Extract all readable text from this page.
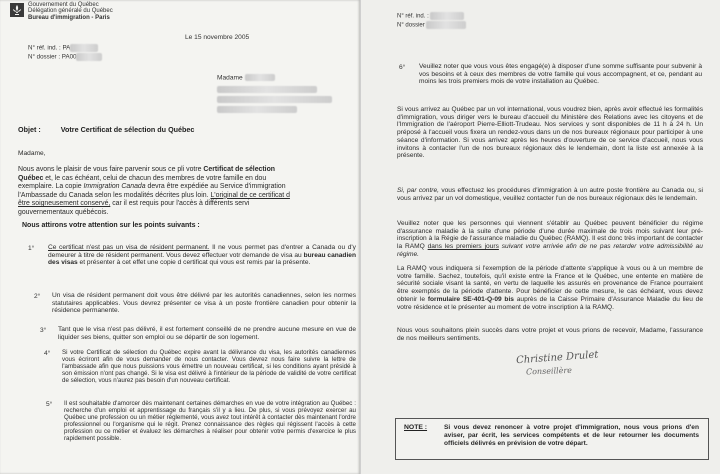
Gouvernement du Québec
Délégation générale du Québec
Bureau d'immigration - Paris
Le 15 novembre 2005
N° réf. ind. : PA
N° dossier : PA00
Madame
Objet :	Votre Certificat de sélection du Québec
Madame,
Nous avons le plaisir de vous faire parvenir sous ce pli votre Certificat de sélection
Québec et, le cas échéant, celui de chacun des membres de votre famille en dou
exemplaire. La copie Immigration Canada devra être expédiée au Service d'immigration
l'Ambassade du Canada selon les modalités décrites plus loin. L'original de ce certificat d
être soigneusement conservé, car il est requis pour l'accès à différents servi
gouvernementaux québécois.
Nous attirons votre attention sur les points suivants :
1° Ce certificat n'est pas un visa de résident permanent. Il ne vous permet pas d'entrer a Canada ou d'y demeurer à titre de résident permanent. Vous devez effectuer votr demande de visa au bureau canadien des visas et présenter à cet effet une copie d certificat qui vous est remis par la présente.
2° Un visa de résident permanent doit vous être délivré par les autorités canadiennes, selon les normes statutaires applicables. Vous devrez présenter ce visa à un poste frontière canadien pour obtenir la résidence permanente.
3° Tant que le visa n'est pas délivré, il est fortement conseillé de ne prendre aucune mesure en vue de liquider ses biens, quitter son emploi ou se départir de son logement.
4° Si votre Certificat de sélection du Québec expire avant la délivrance du visa, les autorités canadiennes vous écriront afin de vous demander de nous contacter. Vous devrez nous faire suivre la lettre de l'ambassade afin que nous puissions vous émettre un nouveau certificat, si les conditions ayant présidé à son émission n'ont pas changé. Si le visa est délivré à l'intérieur de la période de validité de votre certificat de sélection, vous n'aurez pas besoin d'un nouveau certificat.
5° Il est souhaitable d'amorcer dès maintenant certaines démarches en vue de votre intégration au Québec : recherche d'un emploi et apprentissage du français s'il y a lieu. De plus, si vous prévoyez exercer au Québec une profession ou un métier réglementé, vous avez tout intérêt à contacter dès maintenant l'ordre professionnel ou l'organisme qui le régit. Prenez connaissance des règles qui régissent l'accès à cette profession ou ce métier et évaluez les démarches à réaliser pour obtenir votre permis d'exercice le plus rapidement possible.
N° réf. ind. :
N° dossier
6° Veuillez noter que vous vous êtes engagé(e) à disposer d'une somme suffisante pour subvenir à vos besoins et à ceux des membres de votre famille qui vous accompagnent, et ce, pendant au moins les trois premiers mois de votre installation au Québec.
Si vous arrivez au Québec par un vol international, vous voudrez bien, après avoir effectué les formalités d'immigration, vous diriger vers le bureau d'accueil du Ministère des Relations avec les citoyens et de l'Immigration de l'aéroport Pierre-Elliott-Trudeau. Nos services y sont disponibles de 11 h à 24 h. Un préposé à l'accueil vous fixera un rendez-vous dans un de nos bureaux régionaux pour participer à une séance d'information. Si vous arrivez après les heures d'ouverture de ce service d'accueil, nous vous invitons à contacter l'un de nos bureaux régionaux dès le lendemain, dont la liste est annexée à la présente.
Si, par contre, vous effectuez les procédures d'immigration à un autre poste frontière au Canada ou, si vous arrivez par un vol domestique, veuillez contacter l'un de nos bureaux régionaux dès le lendemain.
Veuillez noter que les personnes qui viennent s'établir au Québec peuvent bénéficier du régime d'assurance maladie à la suite d'une période d'une durée maximale de trois mois suivant leur pré-inscription à la Régie de l'assurance maladie du Québec (RAMQ). Il est donc très important de contacter la RAMQ dans les premiers jours suivant votre arrivée afin de ne pas retarder votre admissibilité au régime.
La RAMQ vous indiquera si l'exemption de la période d'attente s'applique à vous ou à un membre de votre famille. Sachez, toutefois, qu'il existe entre la France et le Québec, une entente en matière de sécurité sociale visant la santé, en vertu de laquelle les assurés en provenance de France pourraient être exemptés de la période d'attente. Pour bénéficier de cette mesure, le cas échéant, vous devez obtenir le formulaire SE-401-Q-09 bis auprès de la Caisse Primaire d'Assurance Maladie du lieu de votre résidence et le présenter au moment de votre inscription à la RAMQ.
Nous vous souhaitons plein succès dans votre projet et vous prions de recevoir, Madame, l'assurance de nos meilleurs sentiments.
Christine Drulet
Conseillère
NOTE :	Si vous devez renoncer à votre projet d'immigration, nous vous prions d'en aviser, par écrit, les services compétents et de leur retourner les documents officiels délivrés en prévision de votre départ.
